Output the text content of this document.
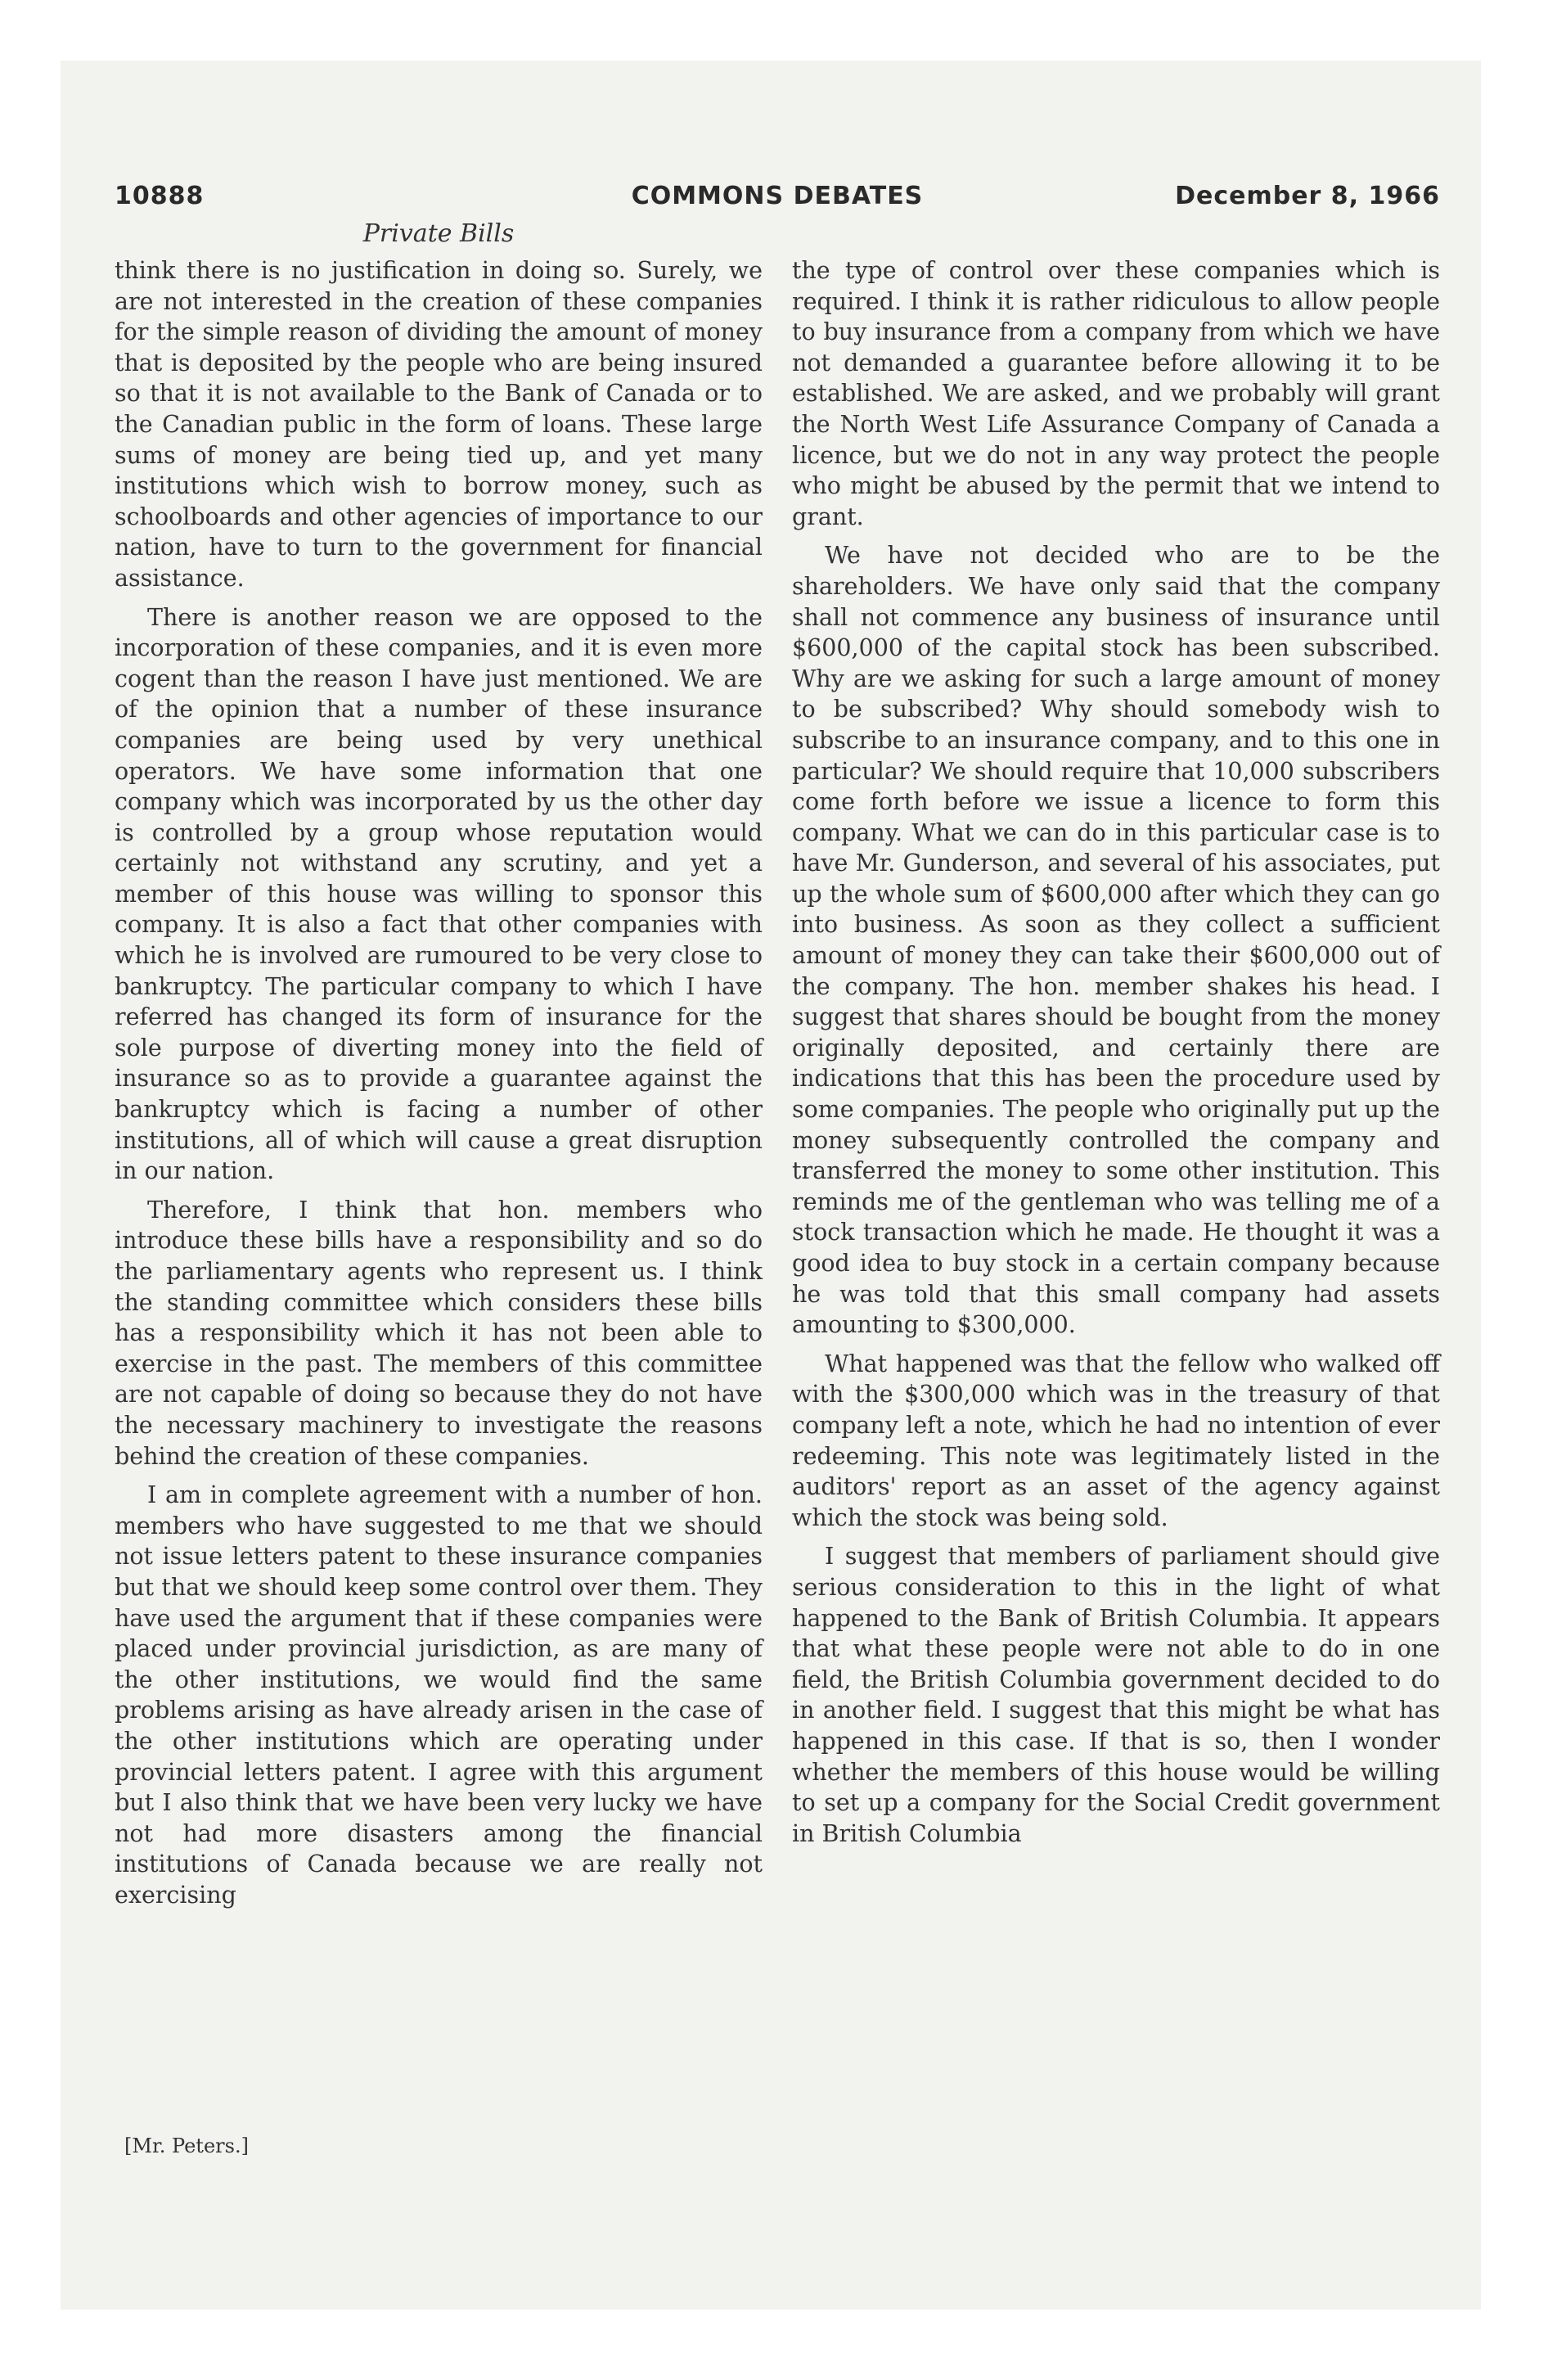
10888	COMMONS DEBATES	December 8, 1966
Private Bills

think there is no justification in doing so. Surely, we are not interested in the creation of these companies for the simple reason of dividing the amount of money that is deposited by the people who are being insured so that it is not available to the Bank of Canada or to the Canadian public in the form of loans. These large sums of money are being tied up, and yet many institutions which wish to borrow money, such as schoolboards and other agencies of importance to our nation, have to turn to the government for financial assistance.

There is another reason we are opposed to the incorporation of these companies, and it is even more cogent than the reason I have just mentioned. We are of the opinion that a number of these insurance companies are being used by very unethical operators. We have some information that one company which was incorporated by us the other day is controlled by a group whose reputation would certainly not withstand any scrutiny, and yet a member of this house was willing to sponsor this company. It is also a fact that other companies with which he is involved are rumoured to be very close to bankruptcy. The particular company to which I have referred has changed its form of insurance for the sole purpose of diverting money into the field of insurance so as to provide a guarantee against the bankruptcy which is facing a number of other institutions, all of which will cause a great disruption in our nation.

Therefore, I think that hon. members who introduce these bills have a responsibility and so do the parliamentary agents who represent us. I think the standing committee which considers these bills has a responsibility which it has not been able to exercise in the past. The members of this committee are not capable of doing so because they do not have the necessary machinery to investigate the reasons behind the creation of these companies.

I am in complete agreement with a number of hon. members who have suggested to me that we should not issue letters patent to these insurance companies but that we should keep some control over them. They have used the argument that if these companies were placed under provincial jurisdiction, as are many of the other institutions, we would find the same problems arising as have already arisen in the case of the other institutions which are operating under provincial letters patent. I agree with this argument but I also think that we have been very lucky we have not had more disasters among the financial institutions of Canada because we are really not exercising

the type of control over these companies which is required. I think it is rather ridiculous to allow people to buy insurance from a company from which we have not demanded a guarantee before allowing it to be established. We are asked, and we probably will grant the North West Life Assurance Company of Canada a licence, but we do not in any way protect the people who might be abused by the permit that we intend to grant.

We have not decided who are to be the shareholders. We have only said that the company shall not commence any business of insurance until $600,000 of the capital stock has been subscribed. Why are we asking for such a large amount of money to be subscribed? Why should somebody wish to subscribe to an insurance company, and to this one in particular? We should require that 10,000 subscribers come forth before we issue a licence to form this company. What we can do in this particular case is to have Mr. Gunderson, and several of his associates, put up the whole sum of $600,000 after which they can go into business. As soon as they collect a sufficient amount of money they can take their $600,000 out of the company. The hon. member shakes his head. I suggest that shares should be bought from the money originally deposited, and certainly there are indications that this has been the procedure used by some companies. The people who originally put up the money subsequently controlled the company and transferred the money to some other institution. This reminds me of the gentleman who was telling me of a stock transaction which he made. He thought it was a good idea to buy stock in a certain company because he was told that this small company had assets amounting to $300,000.

What happened was that the fellow who walked off with the $300,000 which was in the treasury of that company left a note, which he had no intention of ever redeeming. This note was legitimately listed in the auditors' report as an asset of the agency against which the stock was being sold.

I suggest that members of parliament should give serious consideration to this in the light of what happened to the Bank of British Columbia. It appears that what these people were not able to do in one field, the British Columbia government decided to do in another field. I suggest that this might be what has happened in this case. If that is so, then I wonder whether the members of this house would be willing to set up a company for the Social Credit government in British Columbia

[Mr. Peters.]
